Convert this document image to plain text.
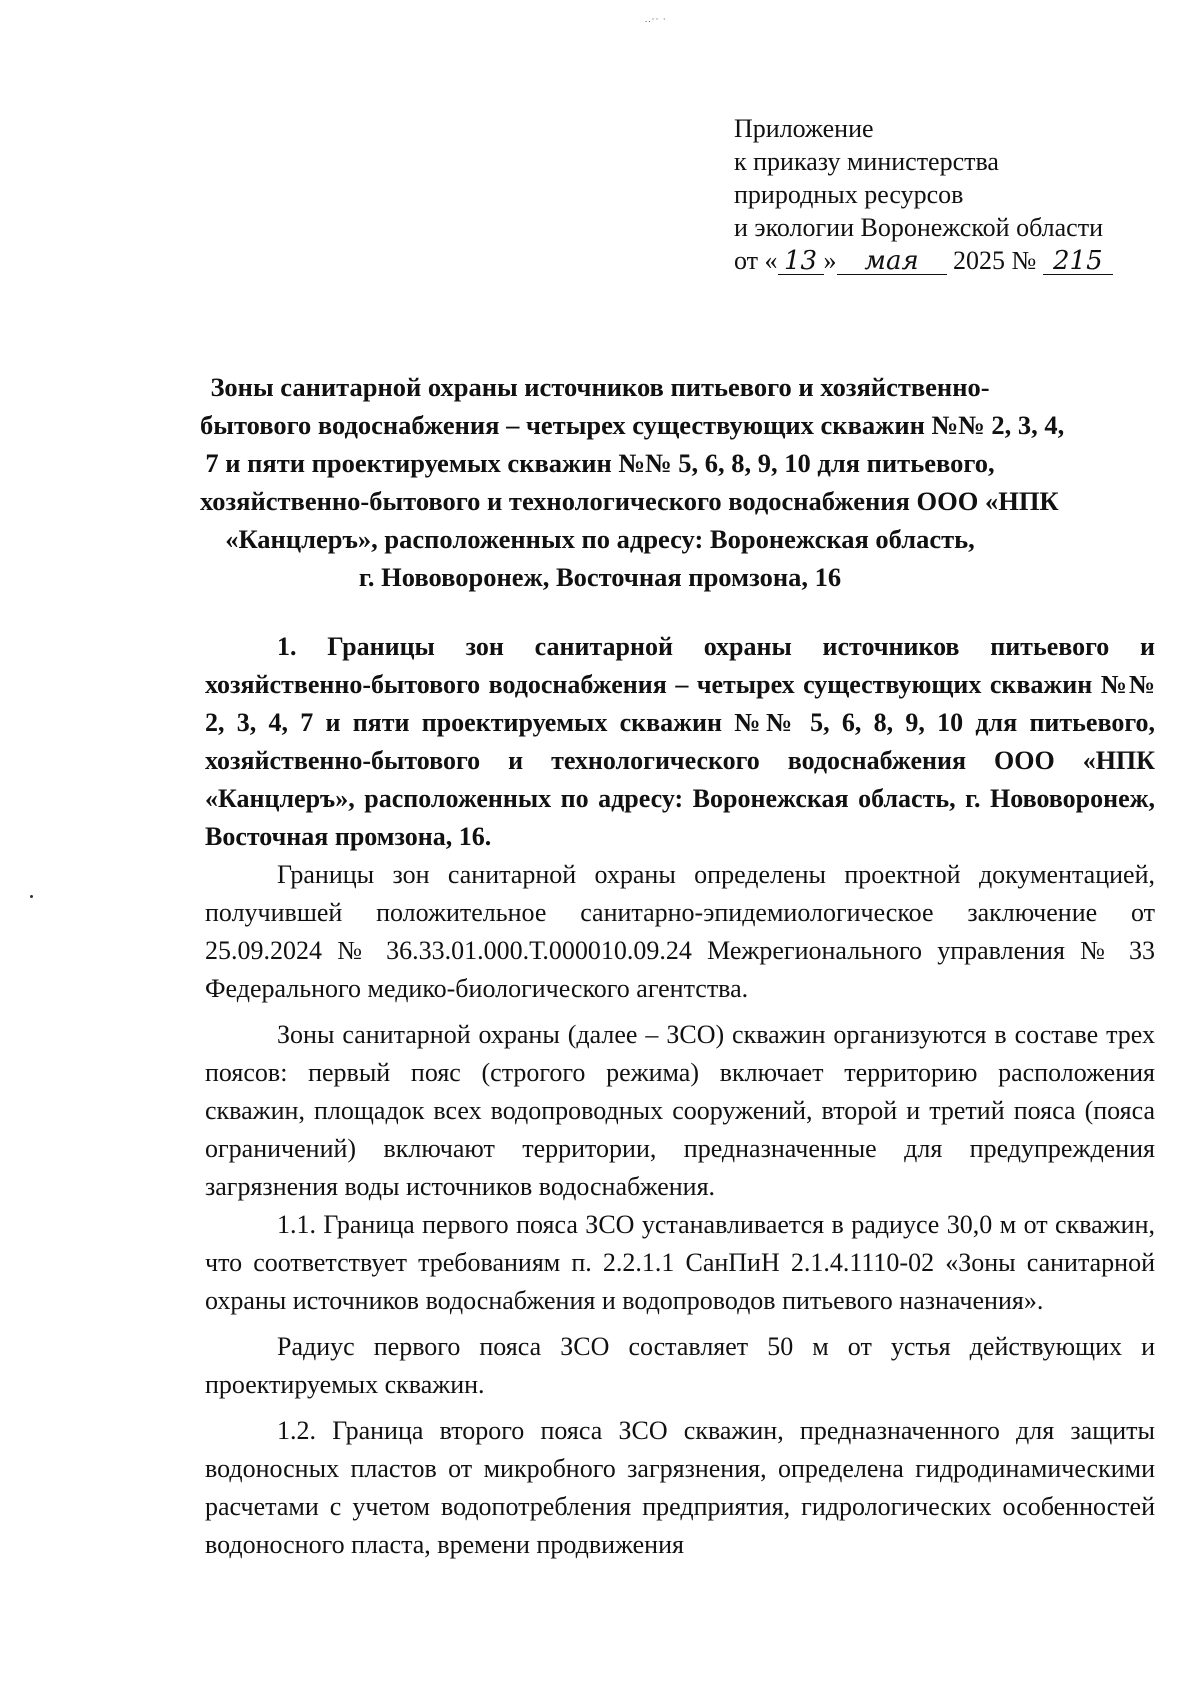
..·· ·
Приложение
к приказу министерства
природных ресурсов
и экологии Воронежской области
от « 13 » мая 2025 № 215
Зоны санитарной охраны источников питьевого и хозяйственно-
бытового водоснабжения – четырех существующих скважин №№ 2, 3, 4,
7 и пяти проектируемых скважин №№ 5, 6, 8, 9, 10 для питьевого,
хозяйственно-бытового и технологического водоснабжения ООО «НПК
«Канцлеръ», расположенных по адресу: Воронежская область,
г. Нововоронеж, Восточная промзона, 16

1. Границы зон санитарной охраны источников питьевого и хозяйственно-бытового водоснабжения – четырех существующих скважин №№ 2, 3, 4, 7 и пяти проектируемых скважин №№ 5, 6, 8, 9, 10 для питьевого, хозяйственно-бытового и технологического водоснабжения ООО «НПК «Канцлеръ», расположенных по адресу: Воронежская область, г. Нововоронеж, Восточная промзона, 16.

Границы зон санитарной охраны определены проектной документацией, получившей положительное санитарно-эпидемиологическое заключение от 25.09.2024 № 36.33.01.000.Т.000010.09.24 Межрегионального управления № 33 Федерального медико-биологического агентства.

Зоны санитарной охраны (далее – ЗСО) скважин организуются в составе трех поясов: первый пояс (строгого режима) включает территорию расположения скважин, площадок всех водопроводных сооружений, второй и третий пояса (пояса ограничений) включают территории, предназначенные для предупреждения загрязнения воды источников водоснабжения.

1.1. Граница первого пояса ЗСО устанавливается в радиусе 30,0 м от скважин, что соответствует требованиям п. 2.2.1.1 СанПиН 2.1.4.1110-02 «Зоны санитарной охраны источников водоснабжения и водопроводов питьевого назначения».

Радиус первого пояса ЗСО составляет 50 м от устья действующих и проектируемых скважин.

1.2. Граница второго пояса ЗСО скважин, предназначенного для защиты водоносных пластов от микробного загрязнения, определена гидродинамическими расчетами с учетом водопотребления предприятия, гидрологических особенностей водоносного пласта, времени продвижения
